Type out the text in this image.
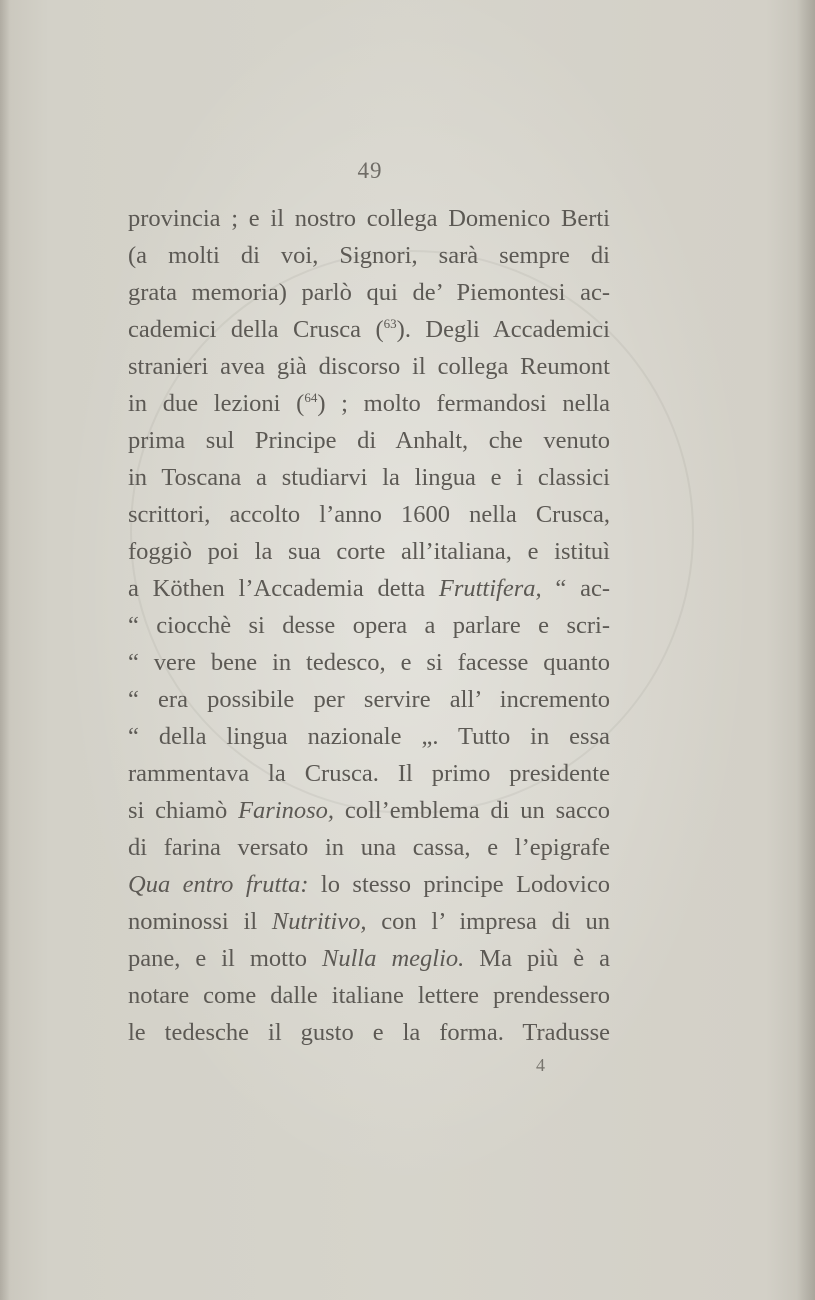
49
provincia ; e il nostro collega Domenico Berti
(a molti di voi, Signori, sarà sempre di
grata memoria) parlò qui de’ Piemontesi ac-
cademici della Crusca ($^{63}$). Degli Accademici
stranieri avea già discorso il collega Reumont
in due lezioni ($^{64}$) ; molto fermandosi nella
prima sul Principe di Anhalt, che venuto
in Toscana a studiarvi la lingua e i classici
scrittori, accolto l’anno 1600 nella Crusca,
foggiò poi la sua corte all’italiana, e istituì
a Köthen l’Accademia detta Fruttifera, “ ac-
“ ciocchè si desse opera a parlare e scri-
“ vere bene in tedesco, e si facesse quanto
“ era possibile per servire all’ incremento
“ della lingua nazionale „. Tutto in essa
rammentava la Crusca. Il primo presidente
si chiamò Farinoso, coll’emblema di un sacco
di farina versato in una cassa, e l’epigrafe
Qua entro frutta: lo stesso principe Lodovico
nominossi il Nutritivo, con l’ impresa di un
pane, e il motto Nulla meglio. Ma più è a
notare come dalle italiane lettere prendessero
le tedesche il gusto e la forma. Tradusse
4
